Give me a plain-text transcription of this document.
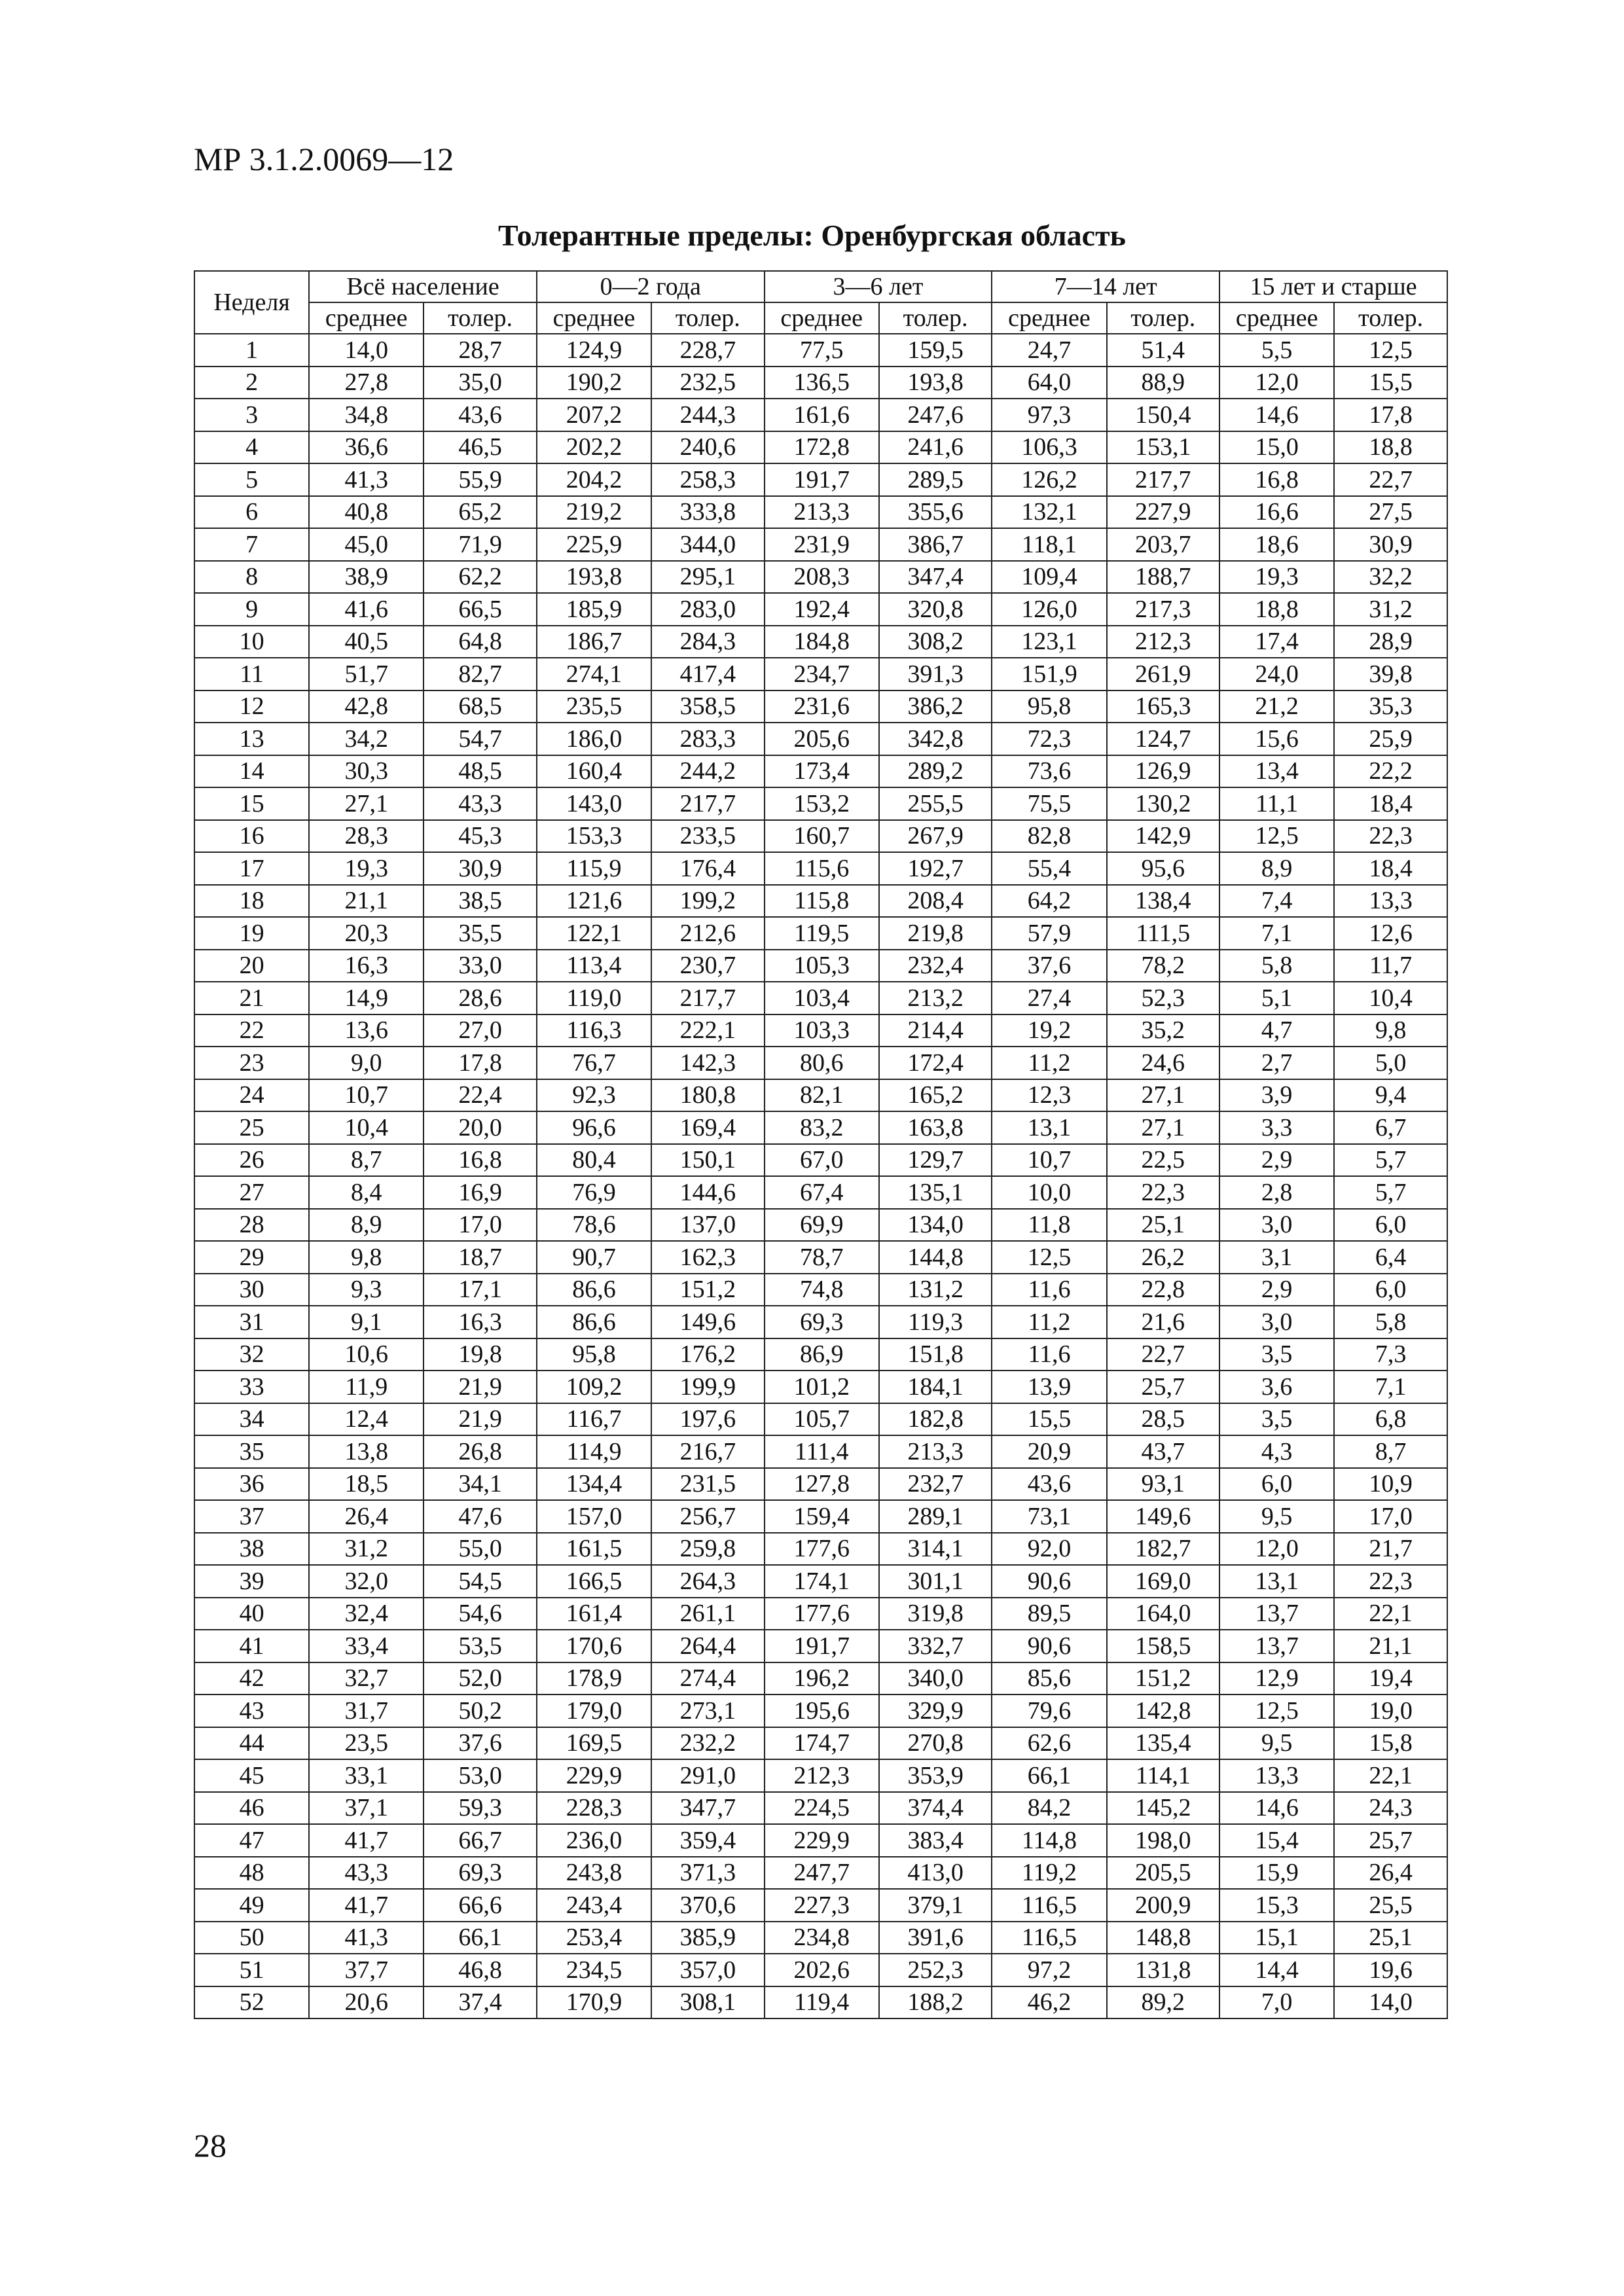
МР 3.1.2.0069—12
Толерантные пределы: Оренбургская область
Неделя	Всё население		0—2 года		3—6 лет		7—14 лет		15 лет и старше	
	среднее	толер.	среднее	толер.	среднее	толер.	среднее	толер.	среднее	толер.
1	14,0	28,7	124,9	228,7	77,5	159,5	24,7	51,4	5,5	12,5
2	27,8	35,0	190,2	232,5	136,5	193,8	64,0	88,9	12,0	15,5
3	34,8	43,6	207,2	244,3	161,6	247,6	97,3	150,4	14,6	17,8
4	36,6	46,5	202,2	240,6	172,8	241,6	106,3	153,1	15,0	18,8
5	41,3	55,9	204,2	258,3	191,7	289,5	126,2	217,7	16,8	22,7
6	40,8	65,2	219,2	333,8	213,3	355,6	132,1	227,9	16,6	27,5
7	45,0	71,9	225,9	344,0	231,9	386,7	118,1	203,7	18,6	30,9
8	38,9	62,2	193,8	295,1	208,3	347,4	109,4	188,7	19,3	32,2
9	41,6	66,5	185,9	283,0	192,4	320,8	126,0	217,3	18,8	31,2
10	40,5	64,8	186,7	284,3	184,8	308,2	123,1	212,3	17,4	28,9
11	51,7	82,7	274,1	417,4	234,7	391,3	151,9	261,9	24,0	39,8
12	42,8	68,5	235,5	358,5	231,6	386,2	95,8	165,3	21,2	35,3
13	34,2	54,7	186,0	283,3	205,6	342,8	72,3	124,7	15,6	25,9
14	30,3	48,5	160,4	244,2	173,4	289,2	73,6	126,9	13,4	22,2
15	27,1	43,3	143,0	217,7	153,2	255,5	75,5	130,2	11,1	18,4
16	28,3	45,3	153,3	233,5	160,7	267,9	82,8	142,9	12,5	22,3
17	19,3	30,9	115,9	176,4	115,6	192,7	55,4	95,6	8,9	18,4
18	21,1	38,5	121,6	199,2	115,8	208,4	64,2	138,4	7,4	13,3
19	20,3	35,5	122,1	212,6	119,5	219,8	57,9	111,5	7,1	12,6
20	16,3	33,0	113,4	230,7	105,3	232,4	37,6	78,2	5,8	11,7
21	14,9	28,6	119,0	217,7	103,4	213,2	27,4	52,3	5,1	10,4
22	13,6	27,0	116,3	222,1	103,3	214,4	19,2	35,2	4,7	9,8
23	9,0	17,8	76,7	142,3	80,6	172,4	11,2	24,6	2,7	5,0
24	10,7	22,4	92,3	180,8	82,1	165,2	12,3	27,1	3,9	9,4
25	10,4	20,0	96,6	169,4	83,2	163,8	13,1	27,1	3,3	6,7
26	8,7	16,8	80,4	150,1	67,0	129,7	10,7	22,5	2,9	5,7
27	8,4	16,9	76,9	144,6	67,4	135,1	10,0	22,3	2,8	5,7
28	8,9	17,0	78,6	137,0	69,9	134,0	11,8	25,1	3,0	6,0
29	9,8	18,7	90,7	162,3	78,7	144,8	12,5	26,2	3,1	6,4
30	9,3	17,1	86,6	151,2	74,8	131,2	11,6	22,8	2,9	6,0
31	9,1	16,3	86,6	149,6	69,3	119,3	11,2	21,6	3,0	5,8
32	10,6	19,8	95,8	176,2	86,9	151,8	11,6	22,7	3,5	7,3
33	11,9	21,9	109,2	199,9	101,2	184,1	13,9	25,7	3,6	7,1
34	12,4	21,9	116,7	197,6	105,7	182,8	15,5	28,5	3,5	6,8
35	13,8	26,8	114,9	216,7	111,4	213,3	20,9	43,7	4,3	8,7
36	18,5	34,1	134,4	231,5	127,8	232,7	43,6	93,1	6,0	10,9
37	26,4	47,6	157,0	256,7	159,4	289,1	73,1	149,6	9,5	17,0
38	31,2	55,0	161,5	259,8	177,6	314,1	92,0	182,7	12,0	21,7
39	32,0	54,5	166,5	264,3	174,1	301,1	90,6	169,0	13,1	22,3
40	32,4	54,6	161,4	261,1	177,6	319,8	89,5	164,0	13,7	22,1
41	33,4	53,5	170,6	264,4	191,7	332,7	90,6	158,5	13,7	21,1
42	32,7	52,0	178,9	274,4	196,2	340,0	85,6	151,2	12,9	19,4
43	31,7	50,2	179,0	273,1	195,6	329,9	79,6	142,8	12,5	19,0
44	23,5	37,6	169,5	232,2	174,7	270,8	62,6	135,4	9,5	15,8
45	33,1	53,0	229,9	291,0	212,3	353,9	66,1	114,1	13,3	22,1
46	37,1	59,3	228,3	347,7	224,5	374,4	84,2	145,2	14,6	24,3
47	41,7	66,7	236,0	359,4	229,9	383,4	114,8	198,0	15,4	25,7
48	43,3	69,3	243,8	371,3	247,7	413,0	119,2	205,5	15,9	26,4
49	41,7	66,6	243,4	370,6	227,3	379,1	116,5	200,9	15,3	25,5
50	41,3	66,1	253,4	385,9	234,8	391,6	116,5	148,8	15,1	25,1
51	37,7	46,8	234,5	357,0	202,6	252,3	97,2	131,8	14,4	19,6
52	20,6	37,4	170,9	308,1	119,4	188,2	46,2	89,2	7,0	14,0
28
